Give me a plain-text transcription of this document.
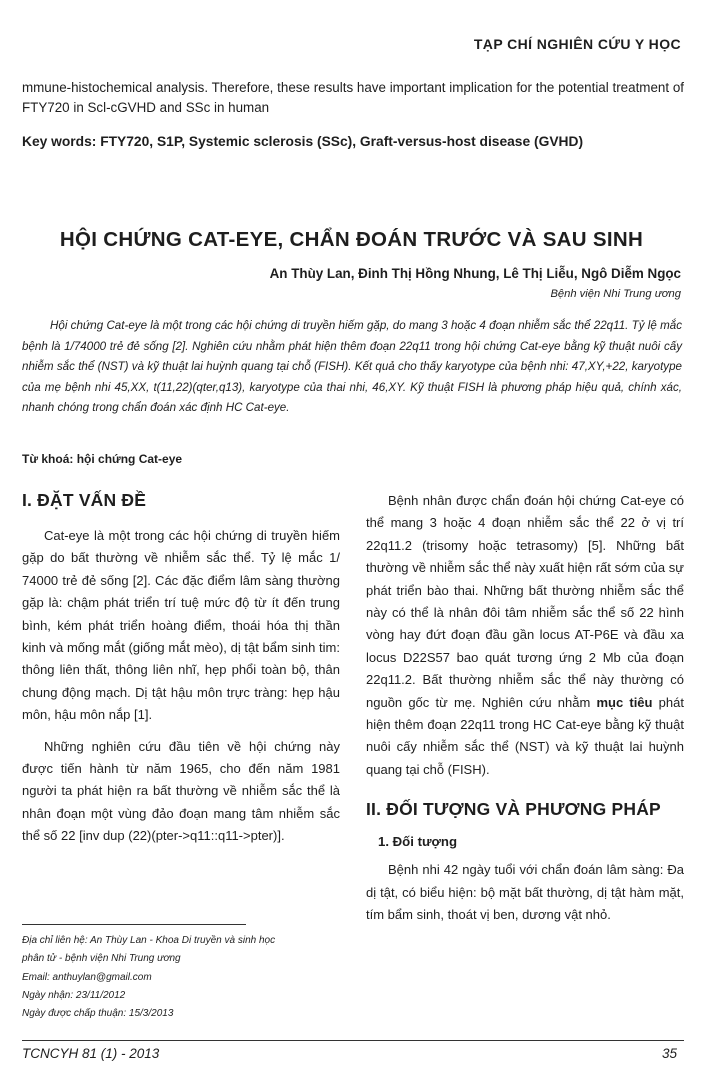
TẠP CHÍ NGHIÊN CỨU Y HỌC

mmune-histochemical analysis. Therefore, these results have important implication for the potential treatment of FTY720 in Scl-cGVHD and SSc in human

Key words: FTY720, S1P, Systemic sclerosis (SSc), Graft-versus-host disease (GVHD)

HỘI CHỨNG CAT-EYE, CHẨN ĐOÁN TRƯỚC VÀ SAU SINH

An Thùy Lan, Đinh Thị Hồng Nhung, Lê Thị Liễu, Ngô Diễm Ngọc

Bệnh viện Nhi Trung ương

Hội chứng Cat-eye là một trong các hội chứng di truyền hiếm gặp, do mang 3 hoặc 4 đoạn nhiễm sắc thể 22q11. Tỷ lệ mắc bệnh là 1/74000 trẻ đẻ sống [2]. Nghiên cứu nhằm phát hiện thêm đoạn 22q11 trong hội chứng Cat-eye bằng kỹ thuật nuôi cấy nhiễm sắc thể (NST) và kỹ thuật lai huỳnh quang tại chỗ (FISH). Kết quả cho thấy karyotype của bệnh nhi: 47,XY,+22, karyotype của mẹ bệnh nhi 45,XX, t(11,22)(qter,q13), karyotype của thai nhi, 46,XY. Kỹ thuật FISH là phương pháp hiệu quả, chính xác, nhanh chóng trong chẩn đoán xác định HC Cat-eye.

Từ khoá: hội chứng Cat-eye

I. ĐẶT VẤN ĐỀ

Cat-eye là một trong các hội chứng di truyền hiếm gặp do bất thường về nhiễm sắc thể. Tỷ lệ mắc 1/ 74000 trẻ đẻ sống [2]. Các đặc điểm lâm sàng thường gặp là: chậm phát triển trí tuệ mức độ từ ít đến trung bình, kém phát triển hoàng điểm, thoái hóa thị thần kinh và mống mắt (giống mắt mèo), dị tật bẩm sinh tim: thông liên thất, thông liên nhĩ, hẹp phổi toàn bộ, thân chung động mạch. Dị tật hậu môn trực tràng: hẹp hậu môn, hậu môn nắp [1].

Những nghiên cứu đầu tiên về hội chứng này được tiến hành từ năm 1965, cho đến năm 1981 người ta phát hiện ra bất thường về nhiễm sắc thể là nhân đoạn một vùng đảo đoạn mang tâm nhiễm sắc thể số 22 [inv dup (22)(pter->q11::q11->pter)].

Bệnh nhân được chẩn đoán hội chứng Cat-eye có thể mang 3 hoặc 4 đoạn nhiễm sắc thể 22 ở vị trí 22q11.2 (trisomy hoặc tetrasomy) [5]. Những bất thường về nhiễm sắc thể này xuất hiện rất sớm của sự phát triển bào thai. Những bất thường nhiễm sắc thể này có thể là nhân đôi tâm nhiễm sắc thể số 22 hình vòng hay đứt đoạn đầu gần locus AT-P6E và đầu xa locus D22S57 bao quát tương ứng 2 Mb của đoạn 22q11.2. Bất thường nhiễm sắc thể này thường có nguồn gốc từ mẹ. Nghiên cứu nhằm mục tiêu phát hiện thêm đoạn 22q11 trong HC Cat-eye bằng kỹ thuật nuôi cấy nhiễm sắc thể (NST) và kỹ thuật lai huỳnh quang tại chỗ (FISH).

II. ĐỐI TƯỢNG VÀ PHƯƠNG PHÁP
1. Đối tượng

Bệnh nhi 42 ngày tuổi với chẩn đoán lâm sàng: Đa dị tật, có biểu hiện: bộ mặt bất thường, dị tật hàm mặt, tím bẩm sinh, thoát vị ben, dương vật nhỏ.

Địa chỉ liên hệ: An Thùy Lan - Khoa Di truyền và sinh học
phân tử - bệnh viện Nhi Trung ương
Email: anthuylan@gmail.com
Ngày nhận: 23/11/2012
Ngày được chấp thuận: 15/3/2013

TCNCYH 81 (1) - 2013	35
